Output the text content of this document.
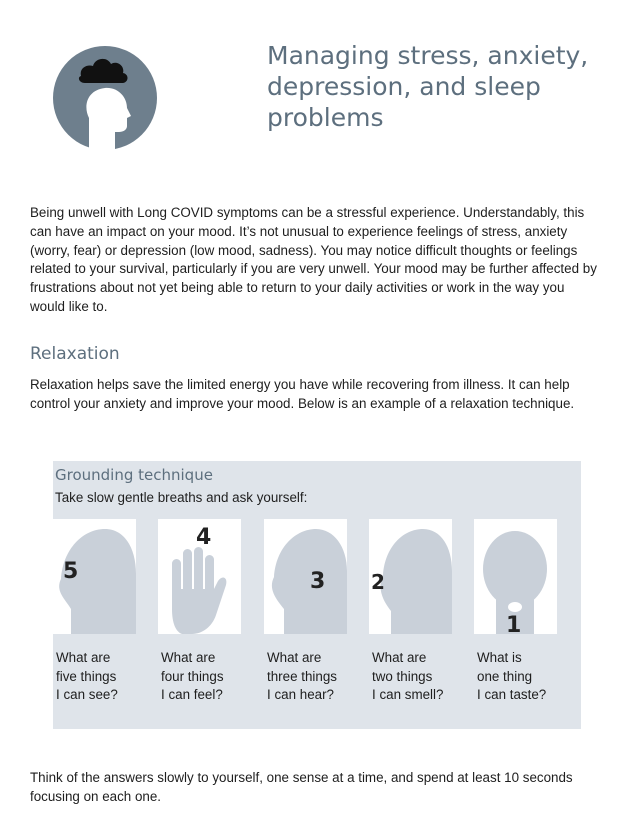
Managing stress, anxiety, depression, and sleep problems

Being unwell with Long COVID symptoms can be a stressful experience. Understandably, this can have an impact on your mood. It’s not unusual to experience feelings of stress, anxiety (worry, fear) or depression (low mood, sadness). You may notice difficult thoughts or feelings related to your survival, particularly if you are very unwell. Your mood may be further affected by frustrations about not yet being able to return to your daily activities or work in the way you would like to.

Relaxation

Relaxation helps save the limited energy you have while recovering from illness. It can help control your anxiety and improve your mood. Below is an example of a relaxation technique.

Grounding technique

Take slow gentle breaths and ask yourself:

5

What are
five things
I can see?

4

What are
four things
I can feel?

3

What are
three things
I can hear?

2

What are
two things
I can smell?

1

What is
one thing
I can taste?

Think of the answers slowly to yourself, one sense at a time, and spend at least 10 seconds focusing on each one.
